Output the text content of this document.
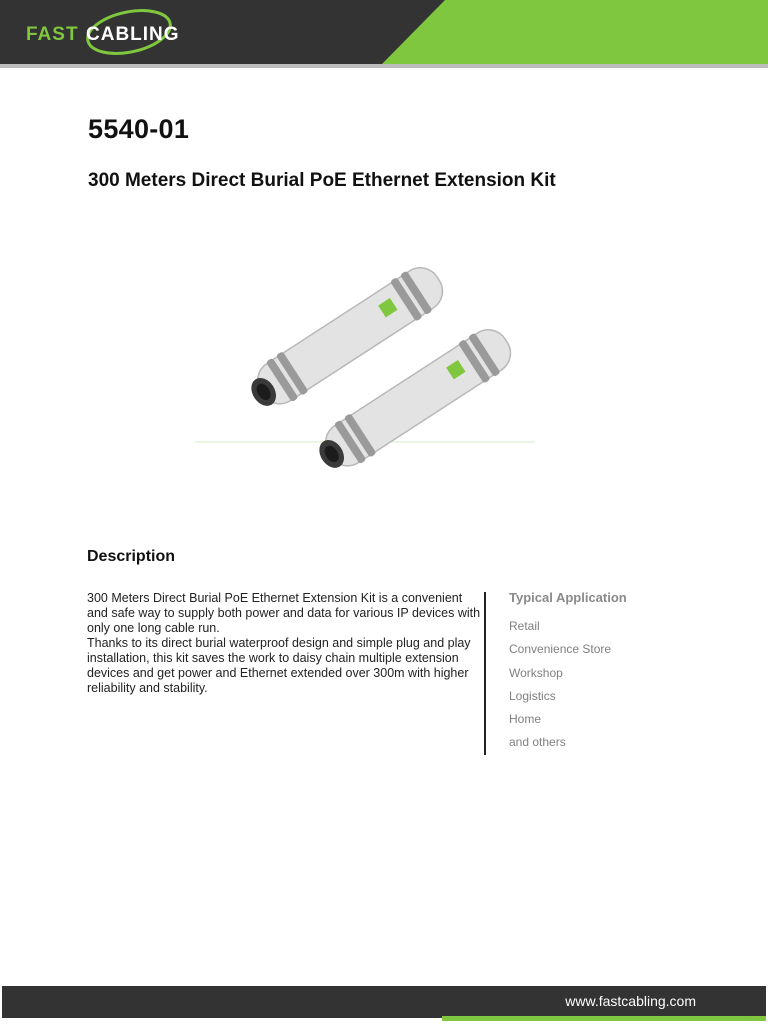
FAST CABLING
5540-01
300 Meters Direct Burial PoE Ethernet Extension Kit
Description

300 Meters Direct Burial PoE Ethernet Extension Kit is a convenient and safe way to supply both power and data for various IP devices with only one long cable run.

Thanks to its direct burial waterproof design and simple plug and play installation, this kit saves the work to daisy chain multiple extension devices and get power and Ethernet extended over 300m with higher reliability and stability.

Typical Application
Retail
Convenience Store
Workshop
Logistics
Home
and others
www.fastcabling.com
